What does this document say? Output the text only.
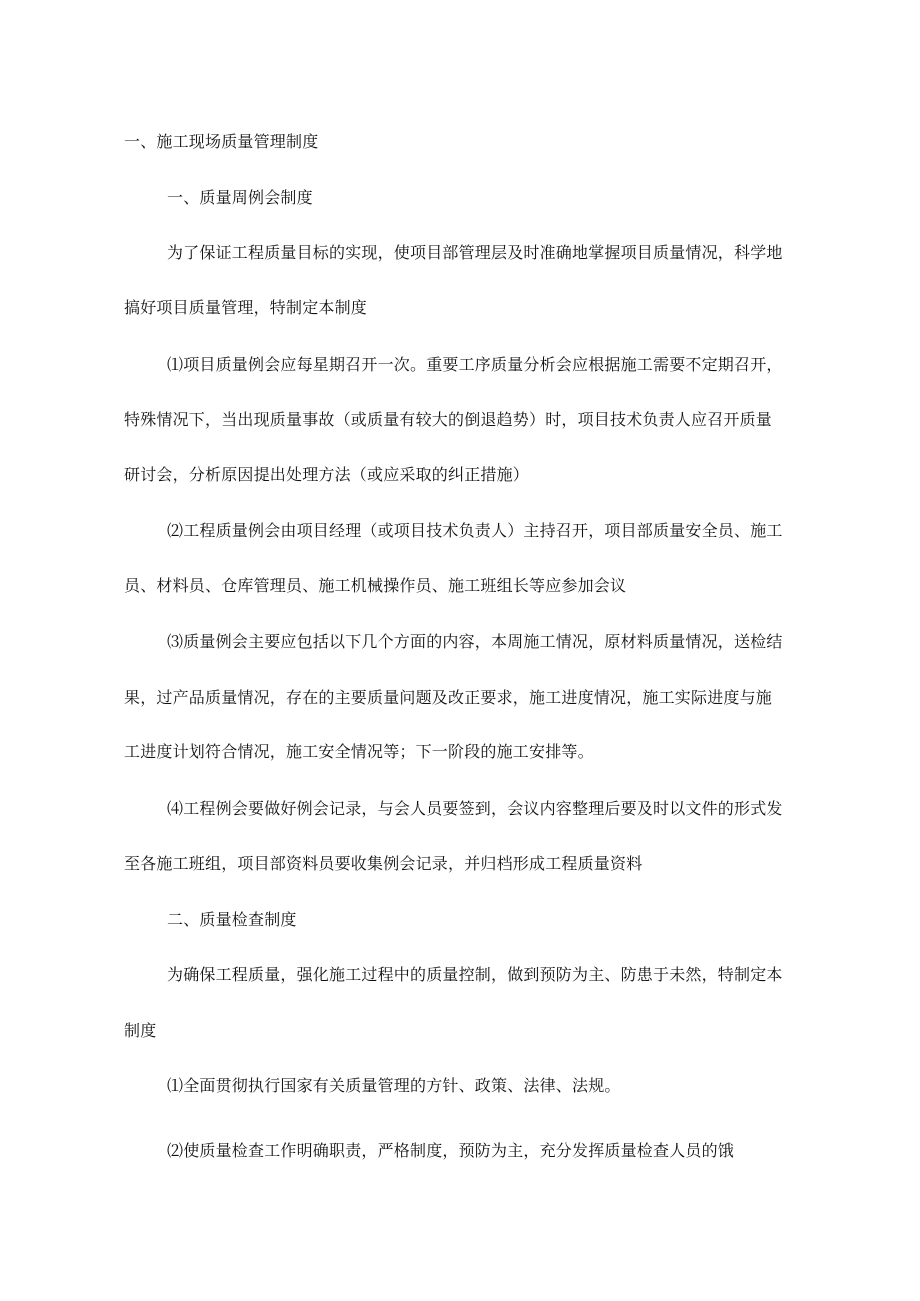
一、施工现场质量管理制度

一、质量周例会制度

为了保证工程质量目标的实现，使项目部管理层及时准确地掌握项目质量情况，科学地

搞好项目质量管理，特制定本制度

⑴项目质量例会应每星期召开一次。重要工序质量分析会应根据施工需要不定期召开，

特殊情况下，当出现质量事故（或质量有较大的倒退趋势）时，项目技术负责人应召开质量

研讨会，分析原因提出处理方法（或应采取的纠正措施）

⑵工程质量例会由项目经理（或项目技术负责人）主持召开，项目部质量安全员、施工

员、材料员、仓库管理员、施工机械操作员、施工班组长等应参加会议

⑶质量例会主要应包括以下几个方面的内容，本周施工情况，原材料质量情况，送检结

果，过产品质量情况，存在的主要质量问题及改正要求，施工进度情况，施工实际进度与施

工进度计划符合情况，施工安全情况等；下一阶段的施工安排等。

⑷工程例会要做好例会记录，与会人员要签到，会议内容整理后要及时以文件的形式发

至各施工班组，项目部资料员要收集例会记录，并归档形成工程质量资料

二、质量检查制度

为确保工程质量，强化施工过程中的质量控制，做到预防为主、防患于未然，特制定本

制度

⑴全面贯彻执行国家有关质量管理的方针、政策、法律、法规。

⑵使质量检查工作明确职责，严格制度，预防为主，充分发挥质量检查人员的饿
